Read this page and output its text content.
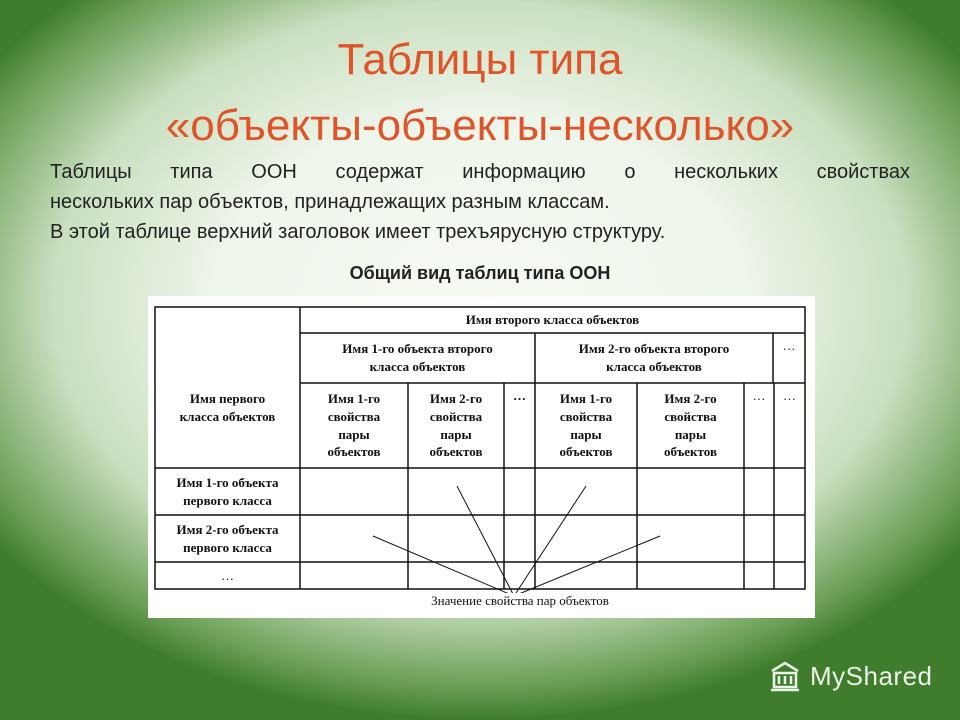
Таблицы типа
«объекты-объекты-несколько»
Таблицы типа ООН содержат информацию о нескольких свойствах
нескольких пар объектов, принадлежащих разным классам.
В этой таблице верхний заголовок имеет трехъярусную структуру.
Общий вид таблиц типа ООН
Имя второго класса объектов
Имя первого
класса объектов
Имя 1-го объекта второго
класса объектов
Имя 2-го объекта второго
класса объектов
…
Имя 1-го
свойства
пары
объектов
Имя 2-го
свойства
пары
объектов
…	Имя 1-го
свойства
пары
объектов
Имя 2-го
свойства
пары
объектов
…	…
Имя 1-го объекта
первого класса
Имя 2-го объекта
первого класса
…
Значение свойства пар объектов
MyShared
